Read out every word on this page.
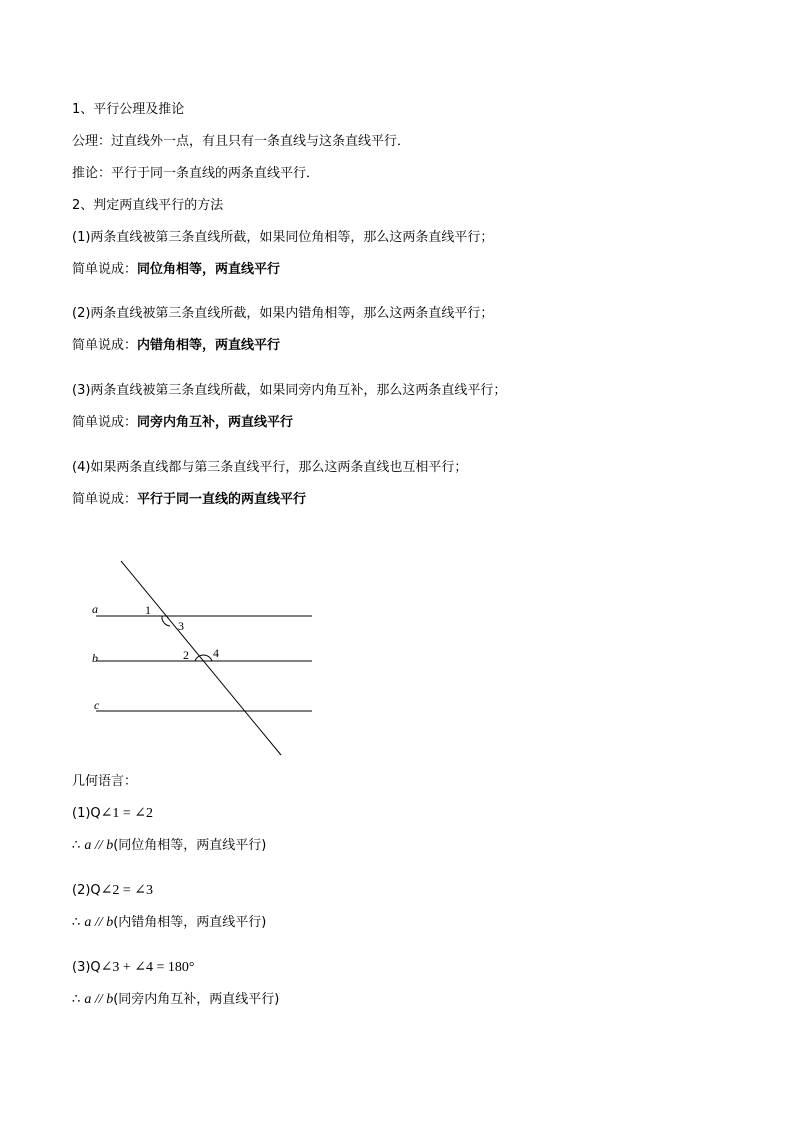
1、平行公理及推论
公理：过直线外一点，有且只有一条直线与这条直线平行．
推论：平行于同一条直线的两条直线平行．
2、判定两直线平行的方法
(1)两条直线被第三条直线所截，如果同位角相等，那么这两条直线平行；
简单说成：同位角相等，两直线平行
(2)两条直线被第三条直线所截，如果内错角相等，那么这两条直线平行；
简单说成：内错角相等，两直线平行
(3)两条直线被第三条直线所截，如果同旁内角互补，那么这两条直线平行；
简单说成：同旁内角互补，两直线平行
(4)如果两条直线都与第三条直线平行，那么这两条直线也互相平行；
简单说成：平行于同一直线的两直线平行
a
b
c
1
3
2 4
几何语言：
(1)Q∠1 = ∠2
∴ a // b(同位角相等，两直线平行)
(2)Q∠2 = ∠3
∴ a // b(内错角相等，两直线平行)
(3)Q∠3 + ∠4 = 180°
∴ a // b(同旁内角互补，两直线平行)
